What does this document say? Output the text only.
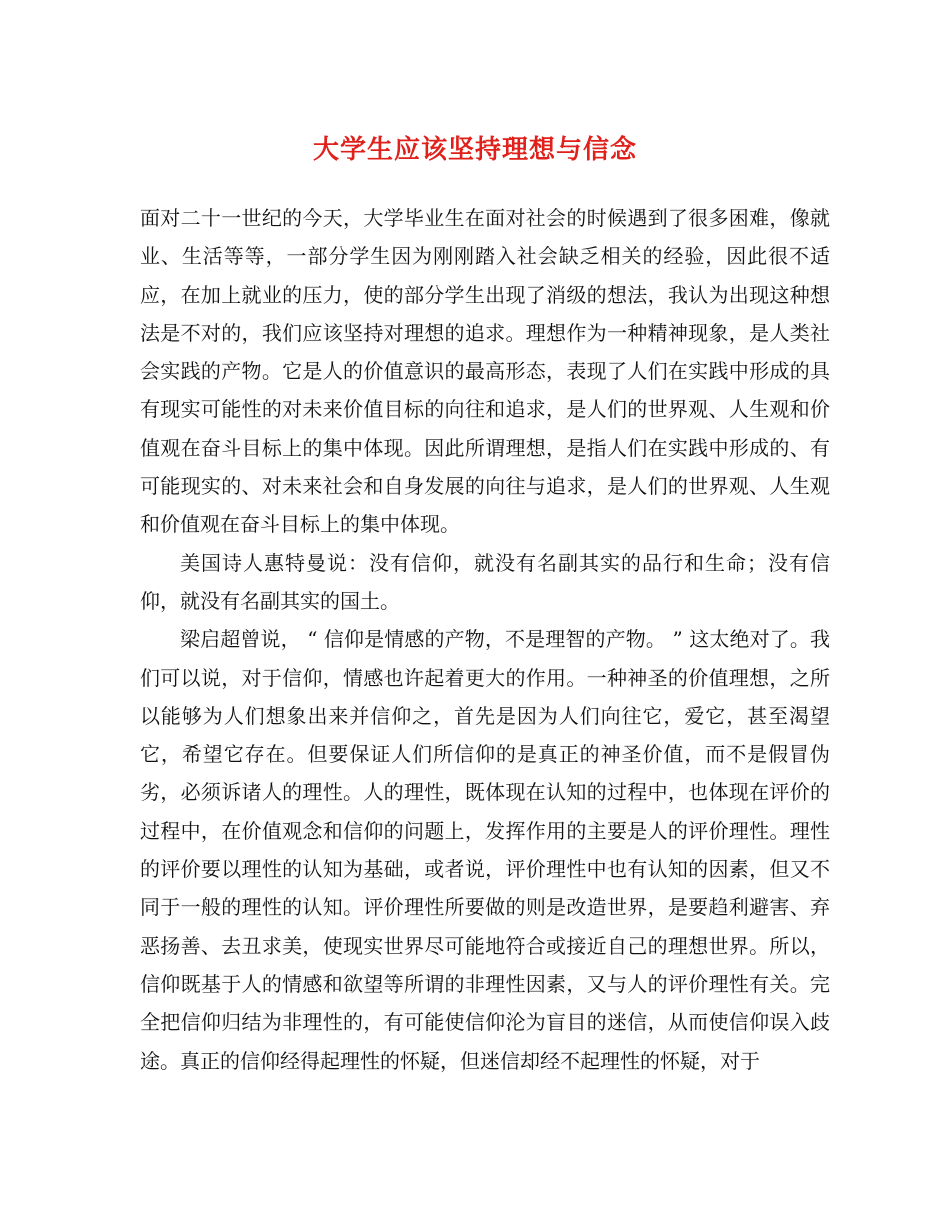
大学生应该坚持理想与信念

面对二十一世纪的今天，大学毕业生在面对社会的时候遇到了很多困难，像就业、生活等等，一部分学生因为刚刚踏入社会缺乏相关的经验，因此很不适应，在加上就业的压力，使的部分学生出现了消级的想法，我认为出现这种想法是不对的，我们应该坚持对理想的追求。理想作为一种精神现象，是人类社会实践的产物。它是人的价值意识的最高形态，表现了人们在实践中形成的具有现实可能性的对未来价值目标的向往和追求，是人们的世界观、人生观和价值观在奋斗目标上的集中体现。因此所谓理想，是指人们在实践中形成的、有可能现实的、对未来社会和自身发展的向往与追求，是人们的世界观、人生观和价值观在奋斗目标上的集中体现。

美国诗人惠特曼说：没有信仰，就没有名副其实的品行和生命；没有信仰，就没有名副其实的国土。

梁启超曾说， “ 信仰是情感的产物，不是理智的产物。 ” 这太绝对了。我们可以说，对于信仰，情感也许起着更大的作用。一种神圣的价值理想，之所以能够为人们想象出来并信仰之，首先是因为人们向往它，爱它，甚至渴望它，希望它存在。但要保证人们所信仰的是真正的神圣价值，而不是假冒伪劣，必须诉诸人的理性。人的理性，既体现在认知的过程中，也体现在评价的过程中，在价值观念和信仰的问题上，发挥作用的主要是人的评价理性。理性的评价要以理性的认知为基础，或者说，评价理性中也有认知的因素，但又不同于一般的理性的认知。评价理性所要做的则是改造世界，是要趋利避害、弃恶扬善、去丑求美，使现实世界尽可能地符合或接近自己的理想世界。所以，信仰既基于人的情感和欲望等所谓的非理性因素，又与人的评价理性有关。完全把信仰归结为非理性的，有可能使信仰沦为盲目的迷信，从而使信仰误入歧途。真正的信仰经得起理性的怀疑，但迷信却经不起理性的怀疑，对于
